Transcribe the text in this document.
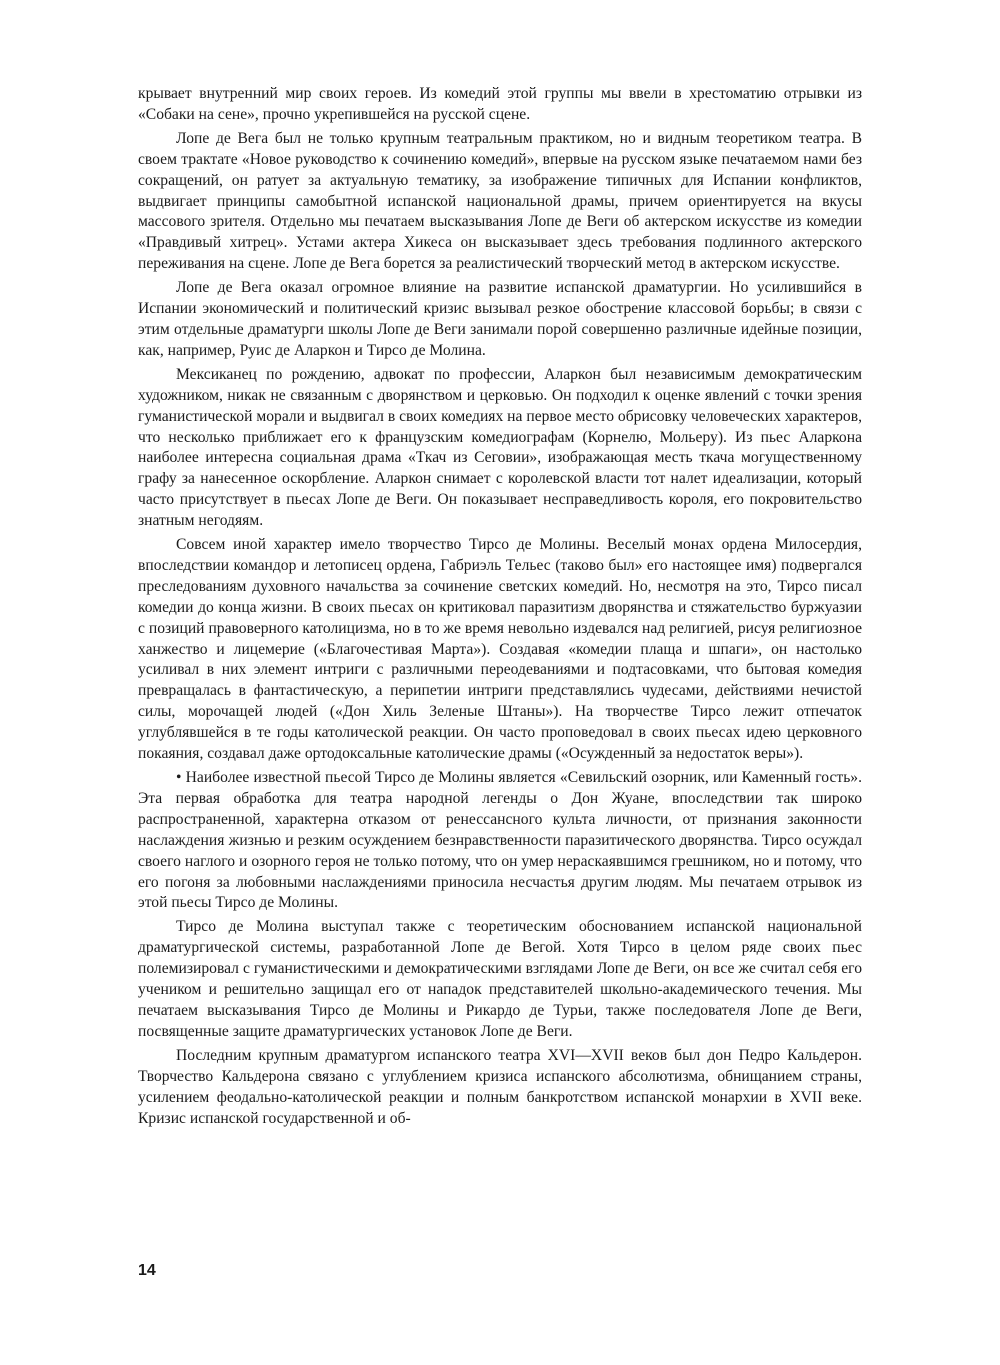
крывает внутренний мир своих героев. Из комедий этой группы мы ввели в хрестоматию отрывки из «Собаки на сене», прочно укрепившейся на русской сцене.

Лопе де Вега был не только крупным театральным практиком, но и видным теоретиком театра. В своем трактате «Новое руководство к сочинению комедий», впервые на русском языке печатаемом нами без сокращений, он ратует за актуальную тематику, за изображение типичных для Испании конфликтов, выдвигает принципы самобытной испанской национальной драмы, причем ориентируется на вкусы массового зрителя. Отдельно мы печатаем высказывания Лопе де Веги об актерском искусстве из комедии «Правдивый хитрец». Устами актера Хикеса он высказывает здесь требования подлинного актерского переживания на сцене. Лопе де Вега борется за реалистический творческий метод в актерском искусстве.

Лопе де Вега оказал огромное влияние на развитие испанской драматургии. Но усилившийся в Испании экономический и политический кризис вызывал резкое обострение классовой борьбы; в связи с этим отдельные драматурги школы Лопе де Веги занимали порой совершенно различные идейные позиции, как, например, Руис де Аларкон и Тирсо де Молина.

Мексиканец по рождению, адвокат по профессии, Аларкон был независимым демократическим художником, никак не связанным с дворянством и церковью. Он подходил к оценке явлений с точки зрения гуманистической морали и выдвигал в своих комедиях на первое место обрисовку человеческих характеров, что несколько приближает его к французским комедиографам (Корнелю, Мольеру). Из пьес Аларкона наиболее интересна социальная драма «Ткач из Сеговии», изображающая месть ткача могущественному графу за нанесенное оскорбление. Аларкон снимает с королевской власти тот налет идеализации, который часто присутствует в пьесах Лопе де Веги. Он показывает несправедливость короля, его покровительство знатным негодяям.

Совсем иной характер имело творчество Тирсо де Молины. Веселый монах ордена Милосердия, впоследствии командор и летописец ордена, Габриэль Тельес (таково был» его настоящее имя) подвергался преследованиям духовного начальства за сочинение светских комедий. Но, несмотря на это, Тирсо писал комедии до конца жизни. В своих пьесах он критиковал паразитизм дворянства и стяжательство буржуазии с позиций правоверного католицизма, но в то же время невольно издевался над религией, рисуя религиозное ханжество и лицемерие («Благочестивая Марта»). Создавая «комедии плаща и шпаги», он настолько усиливал в них элемент интриги с различными переодеваниями и подтасовками, что бытовая комедия превращалась в фантастическую, а перипетии интриги представлялись чудесами, действиями нечистой силы, морочащей людей («Дон Хиль Зеленые Штаны»). На творчестве Тирсо лежит отпечаток углублявшейся в те годы католической реакции. Он часто проповедовал в своих пьесах идею церковного покаяния, создавал даже ортодоксальные католические драмы («Осужденный за недостаток веры»).

• Наиболее известной пьесой Тирсо де Молины является «Севильский озорник, или Каменный гость». Эта первая обработка для театра народной легенды о Дон Жуане, впоследствии так широко распространенной, характерна отказом от ренессансного культа личности, от признания законности наслаждения жизнью и резким осуждением безнравственности паразитического дворянства. Тирсо осуждал своего наглого и озорного героя не только потому, что он умер нераскаявшимся грешником, но и потому, что его погоня за любовными наслаждениями приносила несчастья другим людям. Мы печатаем отрывок из этой пьесы Тирсо де Молины.

Тирсо де Молина выступал также с теоретическим обоснованием испанской национальной драматургической системы, разработанной Лопе де Вегой. Хотя Тирсо в целом ряде своих пьес полемизировал с гуманистическими и демократическими взглядами Лопе де Веги, он все же считал себя его учеником и решительно защищал его от нападок представителей школьно-академического течения. Мы печатаем высказывания Тирсо де Молины и Рикардо де Турьи, также последователя Лопе де Веги, посвященные защите драматургических установок Лопе де Веги.

Последним крупным драматургом испанского театра XVI—XVII веков был дон Педро Кальдерон. Творчество Кальдерона связано с углублением кризиса испанского абсолютизма, обнищанием страны, усилением феодально-католической реакции и полным банкротством испанской монархии в XVII веке. Кризис испанской государственной и об-

14
